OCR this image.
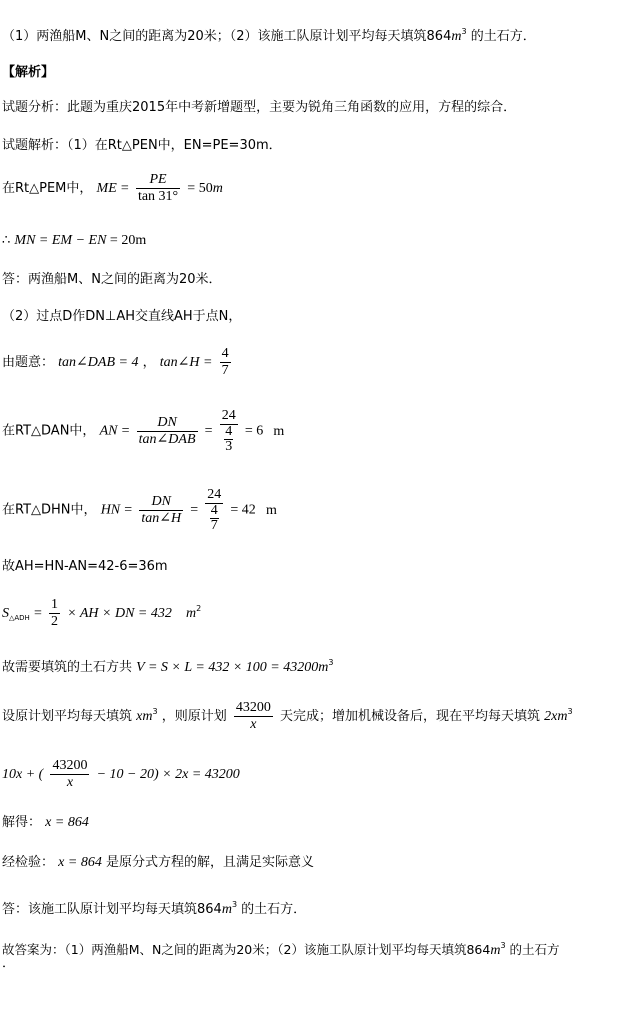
（1）两渔船M、N之间的距离为20米；（2）该施工队原计划平均每天填筑$864m^3$ 的土石方．
【解析】
试题分析：此题为重庆2015年中考新增题型，主要为锐角三角函数的应用，方程的综合．
试题解析：（1）在Rt△PEN中，EN=PE=30m．
在Rt△PEM中， ME = $\frac{PE}{\tan 31^\circ} = 50m$
∴ MN = EM − EN = 20m
答：两渔船M、N之间的距离为20米．
（2）过点D作DN⊥AH交直线AH于点N，
由题意： tan∠DAB = 4 ， tan∠H = $\frac{4}{7}$
在RT△DAN中， AN = $\frac{DN}{\text{tan∠DAB}} = \frac{24}{\frac{4}{3}} = 6$ m
在RT△DHN中， HN = $\frac{DN}{\tan\angle H} = \frac{24}{\frac{4}{7}} = 42$ m
故AH=HN-AN=42-6=36m
$S_{\triangle ADH} = \frac{1}{2}$ × AH × DN = 432 $m^2$
故需要填筑的土石方共 $V = S \times L = 432 \times 100 = 43200m^3$
设原计划平均每天填筑 $xm^3$ ，则原计划 $\frac{43200}{x}$ 天完成；增加机械设备后，现在平均每天填筑 $2xm^3$
10x + ( $\frac{43200}{x} - 10 - 20) \times 2x = 43200$
解得： x = 864
经检验： x = 864 是原分式方程的解，且满足实际意义
答：该施工队原计划平均每天填筑$864m^3$ 的土石方．
故答案为：（1）两渔船M、N之间的距离为20米；（2）该施工队原计划平均每天填筑$864m^3$ 的土石方
．
